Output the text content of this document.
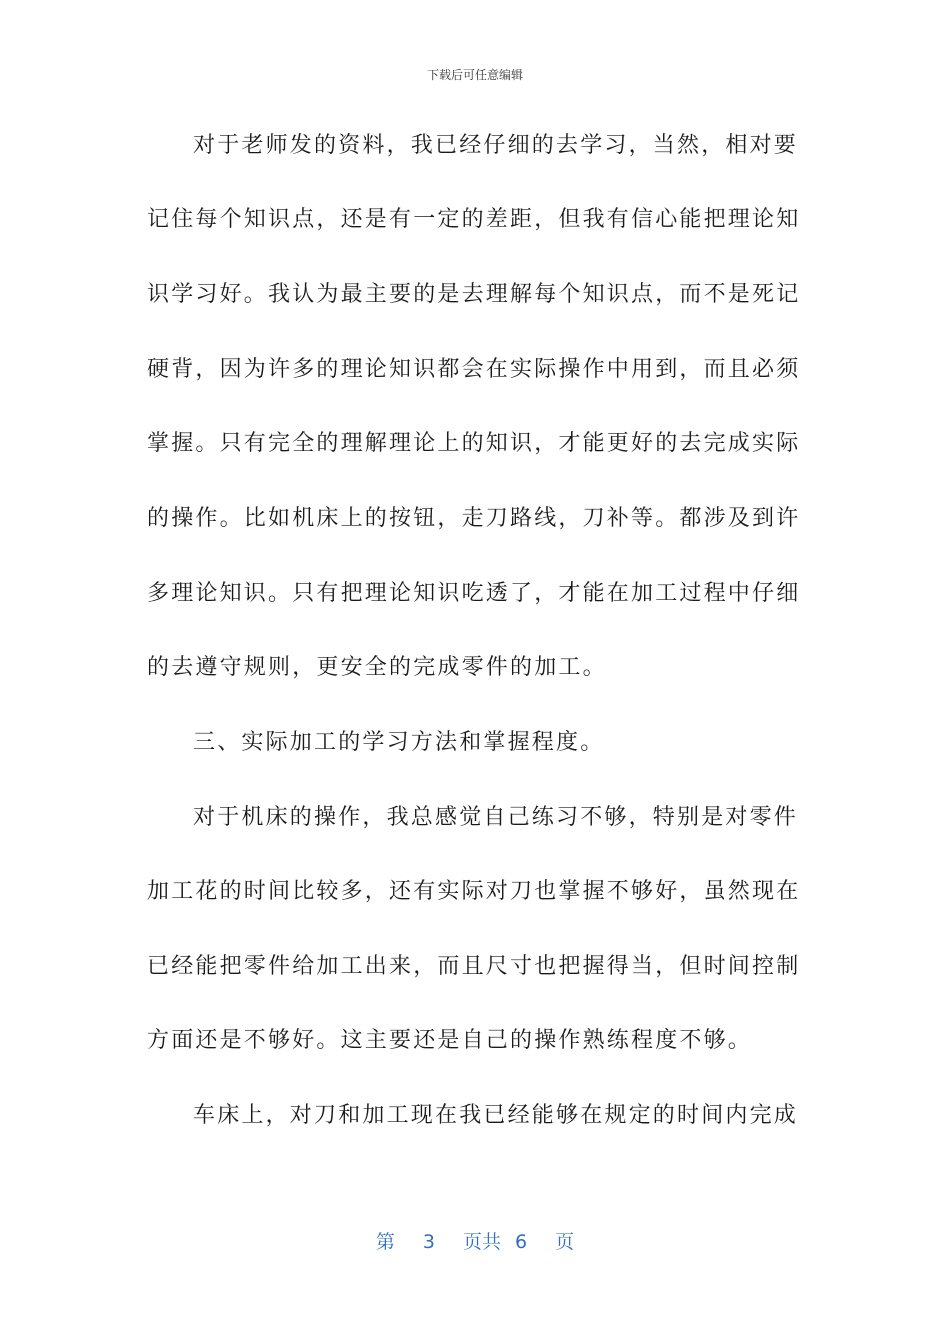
下载后可任意编辑
对于老师发的资料，我已经仔细的去学习，当然，相对要
记住每个知识点，还是有一定的差距，但我有信心能把理论知
识学习好。我认为最主要的是去理解每个知识点，而不是死记
硬背，因为许多的理论知识都会在实际操作中用到，而且必须
掌握。只有完全的理解理论上的知识，才能更好的去完成实际
的操作。比如机床上的按钮，走刀路线，刀补等。都涉及到许
多理论知识。只有把理论知识吃透了，才能在加工过程中仔细
的去遵守规则，更安全的完成零件的加工。
三、实际加工的学习方法和掌握程度。
对于机床的操作，我总感觉自己练习不够，特别是对零件
加工花的时间比较多，还有实际对刀也掌握不够好，虽然现在
已经能把零件给加工出来，而且尺寸也把握得当，但时间控制
方面还是不够好。这主要还是自己的操作熟练程度不够。
车床上，对刀和加工现在我已经能够在规定的时间内完成
第 3 页共 6 页
